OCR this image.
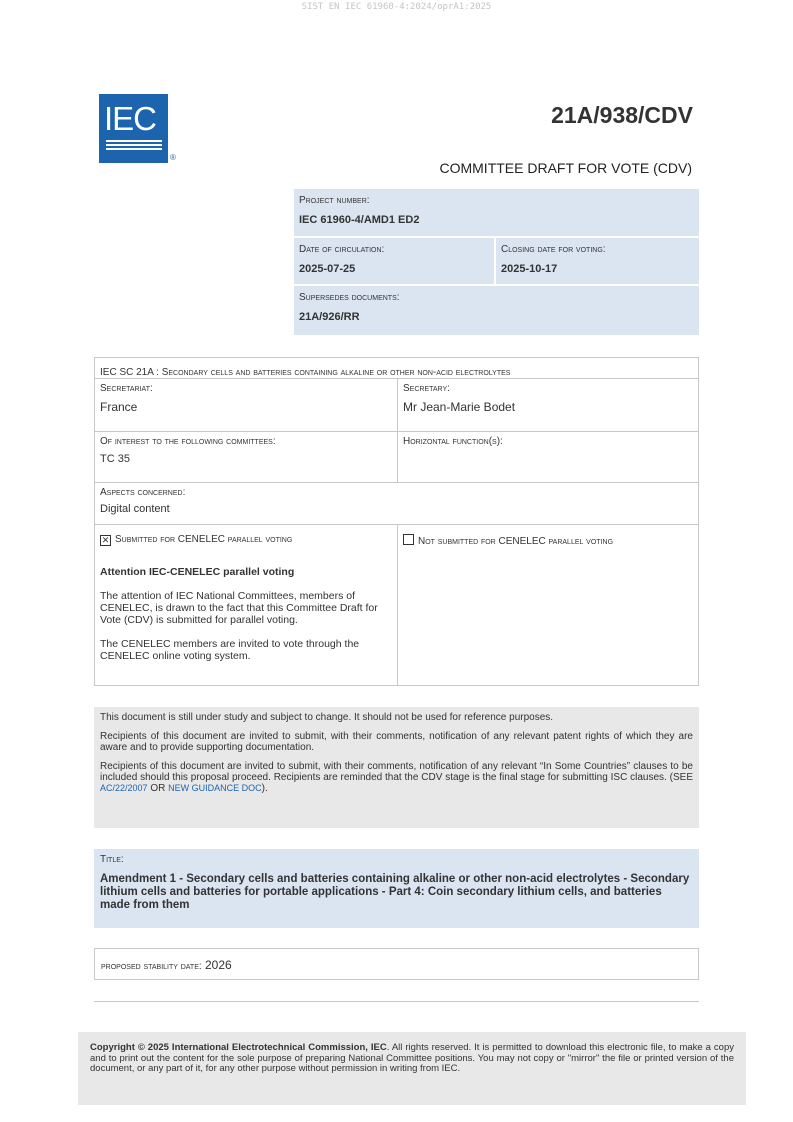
SIST EN IEC 61960-4:2024/oprA1:2025
IEC
®
21A/938/CDV
COMMITTEE DRAFT FOR VOTE (CDV)
Project number:
IEC 61960-4/AMD1 ED2
Date of circulation:
2025-07-25
Closing date for voting:
2025-10-17
Supersedes documents:
21A/926/RR
IEC SC 21A : Secondary cells and batteries containing alkaline or other non-acid electrolytes
Secretariat:
France
Secretary:
Mr Jean-Marie Bodet
Of interest to the following committees:
TC 35
Horizontal function(s):
Aspects concerned:
Digital content
✕ Submitted for CENELEC parallel voting
Attention IEC-CENELEC parallel voting
The attention of IEC National Committees, members of CENELEC, is drawn to the fact that this Committee Draft for Vote (CDV) is submitted for parallel voting.
The CENELEC members are invited to vote through the CENELEC online voting system.
Not submitted for CENELEC parallel voting

This document is still under study and subject to change. It should not be used for reference purposes.

Recipients of this document are invited to submit, with their comments, notification of any relevant patent rights of which they are aware and to provide supporting documentation.

Recipients of this document are invited to submit, with their comments, notification of any relevant “In Some Countries” clauses to be included should this proposal proceed. Recipients are reminded that the CDV stage is the final stage for submitting ISC clauses. (SEE AC/22/2007 OR NEW GUIDANCE DOC).

Title:
Amendment 1 - Secondary cells and batteries containing alkaline or other non-acid electrolytes - Secondary lithium cells and batteries for portable applications - Part 4: Coin secondary lithium cells, and batteries made from them
proposed stability date: 2026
Copyright © 2025 International Electrotechnical Commission, IEC. All rights reserved. It is permitted to download this electronic file, to make a copy and to print out the content for the sole purpose of preparing National Committee positions. You may not copy or "mirror" the file or printed version of the document, or any part of it, for any other purpose without permission in writing from IEC.
